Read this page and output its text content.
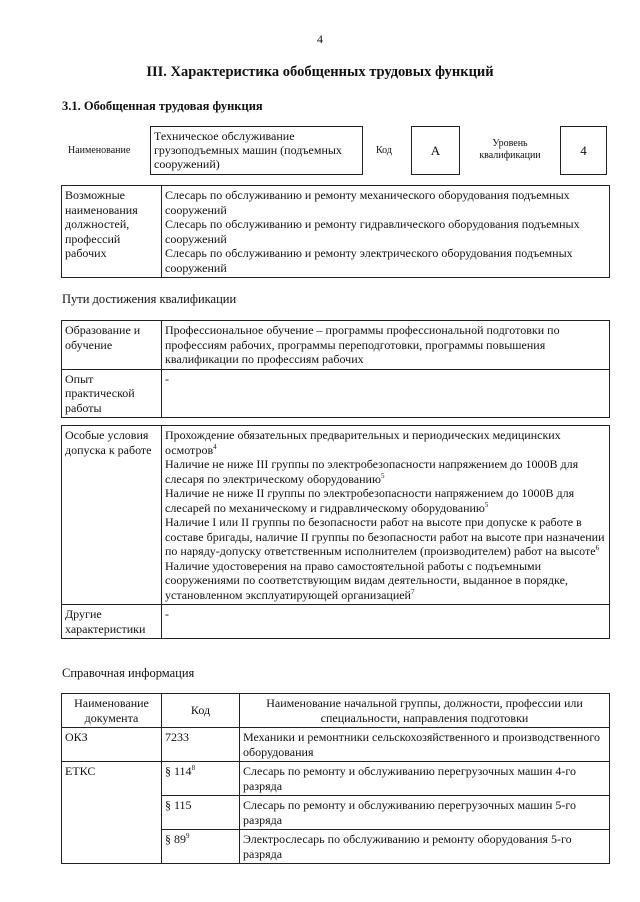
4
III. Характеристика обобщенных трудовых функций
3.1. Обобщенная трудовая функция
Наименование
Техническое обслуживание грузоподъемных машин (подъемных сооружений)
Код	A	Уровень квалификации	4
Возможные наименования должностей, профессий рабочих	
Слесарь по обслуживанию и ремонту механического оборудования подъемных сооружений
Слесарь по обслуживанию и ремонту гидравлического оборудования подъемных сооружений
Слесарь по обслуживанию и ремонту электрического оборудования подъемных сооружений
Пути достижения квалификации
Образование и обучение	Профессиональное обучение – программы профессиональной подготовки по профессиям рабочих, программы переподготовки, программы повышения квалификации по профессиям рабочих
Опыт практической работы	-
Особые условия допуска к работе	Прохождение обязательных предварительных и периодических медицинских осмотров$^4$
Наличие не ниже III группы по электробезопасности напряжением до 1000В для слесаря по электрическому оборудованию$^5$
Наличие не ниже II группы по электробезопасности напряжением до 1000В для слесарей по механическому и гидравлическому оборудованию$^5$
Наличие I или II группы по безопасности работ на высоте при допуске к работе в составе бригады, наличие II группы по безопасности работ на высоте при назначении по наряду-допуску ответственным исполнителем (производителем) работ на высоте$^6$
Наличие удостоверения на право самостоятельной работы с подъемными сооружениями по соответствующим видам деятельности, выданное в порядке, установленном эксплуатирующей организацией$^7$

Другие характеристики	-
Справочная информация
Наименование документа	Код	Наименование начальной группы, должности, профессии или специальности, направления подготовки
ОКЗ	7233	Механики и ремонтники сельскохозяйственного и производственного оборудования
ЕТКС	§ $114^8$	Слесарь по ремонту и обслуживанию перегрузочных машин 4-го разряда
	§ 115	Слесарь по ремонту и обслуживанию перегрузочных машин 5-го разряда
	§ $89^9$	Электрослесарь по обслуживанию и ремонту оборудования 5-го разряда
